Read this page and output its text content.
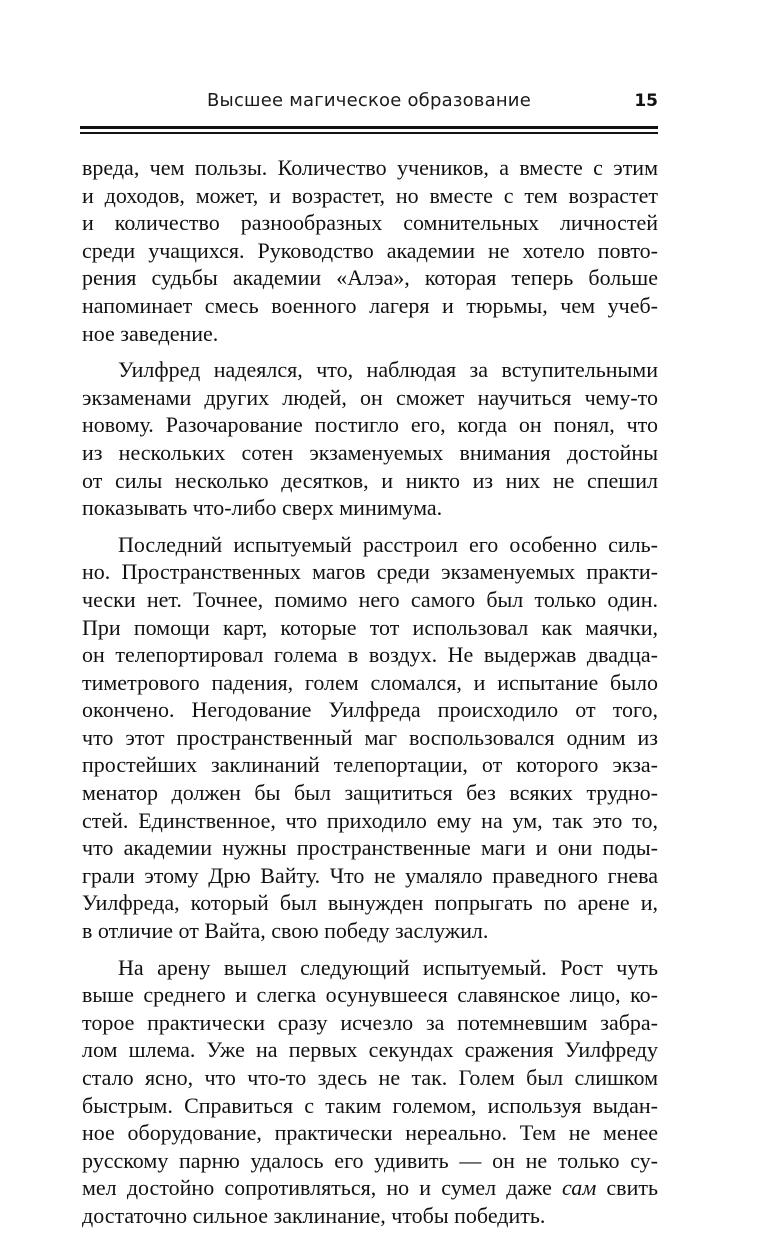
Высшее магическое образование	15
вреда, чем пользы. Количество учеников, а вместе с этим
и доходов, может, и возрастет, но вместе с тем возрастет
и количество разнообразных сомнительных личностей
среди учащихся. Руководство академии не хотело повто-
рения судьбы академии «Алэа», которая теперь больше
напоминает смесь военного лагеря и тюрьмы, чем учеб-
ное заведение.
Уилфред надеялся, что, наблюдая за вступительными
экзаменами других людей, он сможет научиться чему-то
новому. Разочарование постигло его, когда он понял, что
из нескольких сотен экзаменуемых внимания достойны
от силы несколько десятков, и никто из них не спешил
показывать что-либо сверх минимума.
Последний испытуемый расстроил его особенно силь-
но. Пространственных магов среди экзаменуемых практи-
чески нет. Точнее, помимо него самого был только один.
При помощи карт, которые тот использовал как маячки,
он телепортировал голема в воздух. Не выдержав двадца-
тиметрового падения, голем сломался, и испытание было
окончено. Негодование Уилфреда происходило от того,
что этот пространственный маг воспользовался одним из
простейших заклинаний телепортации, от которого экза-
менатор должен бы был защититься без всяких трудно-
стей. Единственное, что приходило ему на ум, так это то,
что академии нужны пространственные маги и они поды-
грали этому Дрю Вайту. Что не умаляло праведного гнева
Уилфреда, который был вынужден попрыгать по арене и,
в отличие от Вайта, свою победу заслужил.
На арену вышел следующий испытуемый. Рост чуть
выше среднего и слегка осунувшееся славянское лицо, ко-
торое практически сразу исчезло за потемневшим забра-
лом шлема. Уже на первых секундах сражения Уилфреду
стало ясно, что что-то здесь не так. Голем был слишком
быстрым. Справиться с таким големом, используя выдан-
ное оборудование, практически нереально. Тем не менее
русскому парню удалось его удивить — он не только су-
мел достойно сопротивляться, но и сумел даже сам свить
достаточно сильное заклинание, чтобы победить.
